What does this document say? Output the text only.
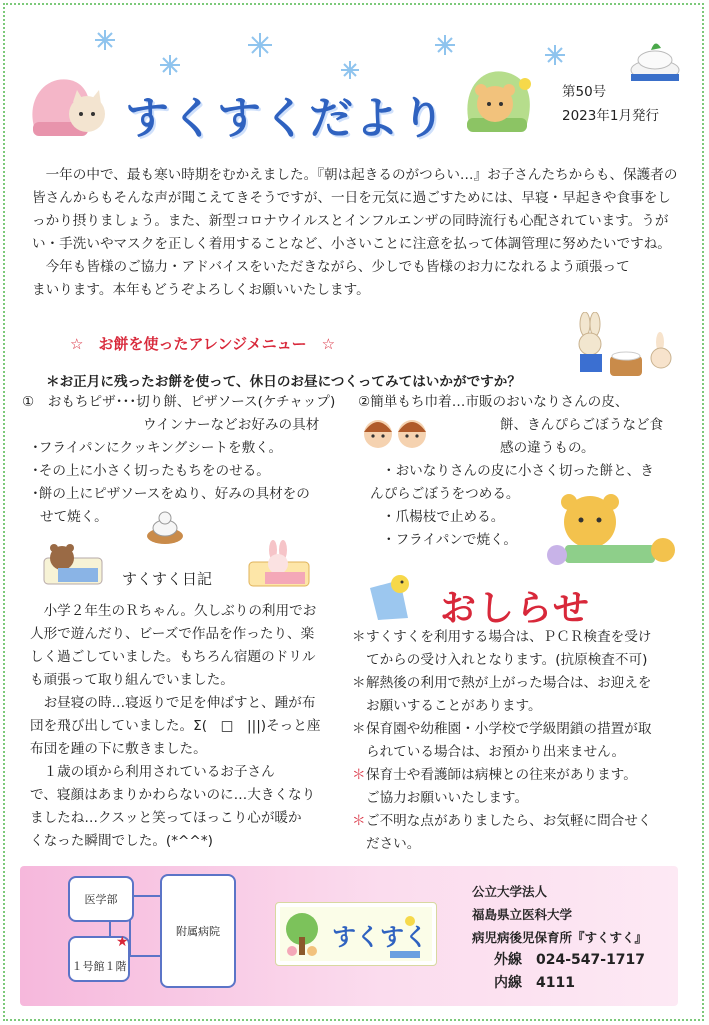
すくすくだより
第50号
2023年1月発行

一年の中で、最も寒い時期をむかえました。『朝は起きるのがつらい…』お子さんたちからも、保護者の皆さんからもそんな声が聞こえてきそうですが、一日を元気に過ごすためには、早寝・早起きや食事をしっかり摂りましょう。また、新型コロナウイルスとインフルエンザの同時流行も心配されています。うがい・手洗いやマスクを正しく着用することなど、小さいことに注意を払って体調管理に努めたいですね。

今年も皆様のご協力・アドバイスをいただきながら、少しでも皆様のお力になれるよう頑張ってまいります。本年もどうぞよろしくお願いいたします。

☆　お餅を使ったアレンジメニュー　☆
＊お正月に残ったお餅を使って、休日のお昼につくってみてはいかがですか？
①　おもちピザ･･･切り餅、ピザソース(ケチャップ)
ウインナーなどお好みの具材
･フライパンにクッキングシートを敷く。
･その上に小さく切ったもちをのせる。
･餅の上にピザソースをぬり、好みの具材をの
せて焼く。
②簡単もち巾着…市販のおいなりさんの皮、
餅、きんぴらごぼうなど食
感の違うもの。
・おいなりさんの皮に小さく切った餅と、き
んぴらごぼうをつめる。
・爪楊枝で止める。
・フライパンで焼く。
すくすく日記
　小学２年生のＲちゃん。久しぶりの利用でお
人形で遊んだり、ビーズで作品を作ったり、楽
しく過ごしていました。もちろん宿題のドリル
も頑張って取り組んでいました。
　お昼寝の時…寝返りで足を伸ばすと、踵が布
団を飛び出していました。Σ(　□　|||)そっと座
布団を踵の下に敷きました。
　１歳の頃から利用されているお子さん
で、寝顔はあまりかわらないのに…大きくなり
ましたね…クスッと笑ってほっこり心が暖か
くなった瞬間でした。(*^^*)
おしらせ
＊ すくすくを利用する場合は、ＰＣＲ検査を受け
てからの受け入れとなります。(抗原検査不可)
＊ 解熱後の利用で熱が上がった場合は、お迎えを
お願いすることがあります。
＊ 保育園や幼稚園・小学校で学級閉鎖の措置が取
られている場合は、お預かり出来ません。
＊ 保育士や看護師は病棟との往来があります。
ご協力お願いいたします。
＊ ご不明な点がありましたら、お気軽に問合せく
ださい。
医学部
附属病院
１号館１階
★	すくすく
公立大学法人
福島県立医科大学
病児病後児保育所『すくすく』
外線　 024-547-1717
内線　 4111
